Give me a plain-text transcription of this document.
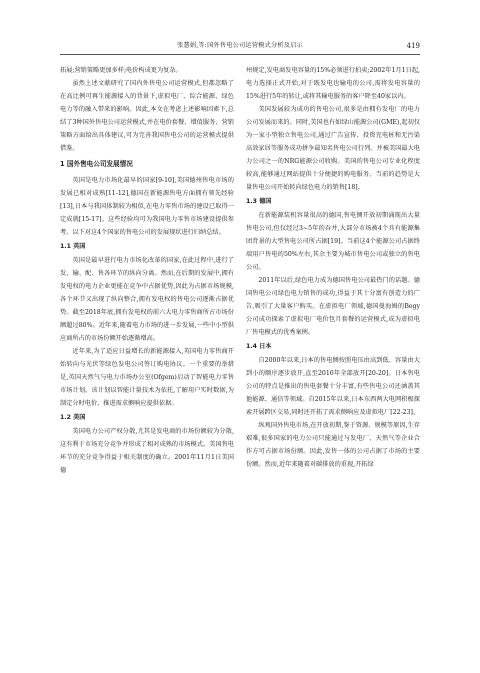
张慧娟,等:国外售电公司运营模式分析及启示	419

拓展;营销策略更加多样;电价构成更为复杂。

虽然上述文献研究了国内外售电公司运营模式,但都忽略了在高比例可再生能源接入的背景下,虚拟电厂、综合能源、绿色电力等的融入带来的影响。因此,本文在考虑上述影响因素下,总结了3种国外售电公司运营模式,并在电价套餐、增值服务、营销策略方面给出具体建议,可为完善我国售电公司的运营模式提供借鉴。

1 国外售电公司发展情况

英国是电力市场化最早的国家[9-10],美国德州售电市场的发展已相对成熟[11-12],德国在新能源售电方面拥有领先经验[13],日本与我国体制较为相似,在电力零售市场的建设已取得一定成就[15-17]。这些经验均可为我国电力零售市场建设提供参考。以下对这4个国家的售电公司的发展现状进行归纳总结。

1.1 英国

英国是最早进行电力市场化改革的国家,在此过程中,进行了发、输、配、售各环节的纵向分离。然而,在后期的发展中,拥有发电权的电力企业更能在竞争中占据优势,因此为占据市场规模,各个环节又出现了纵向整合,拥有发电权的售电公司逐渐占据优势。截至2018年底,拥有发电权的前六大电力零售商所占市场份额超过80%。近年来,随着电力市场的进一步发展,一些中小型供应商所占的市场份额开始逐渐增高。

近年来,为了适应日益增长的新能源接入,英国电力零售商开始转向与光伏等绿色发电公司签订购电协议。一个重要的举措是,英国天然气与电力市场办公室(Ofgem)启动了智能电力零售市场计划。该计划以智能计量技术为依托,了解用户实时数据,为制定分时电价、推进需求侧响应提供依据。

1.2 美国

美国电力公司产权分散,尤其是发电商的市场份额较为分散,这有利于市场充分竞争并形成了相对成熟的市场模式。美国售电环节的充分竞争得益于相关制度的确立。2001年11月1日美国德

州规定,发电商发电容量的15%必须进行拍卖;2002年1月1日起,电力选择正式开始,对于既发电也输电的公司,需将发电容量的15%进行5年的转让,或将其输电服务的客户降至40家以内。

美国发展较为成功的售电公司,很多是由拥有发电厂的电力公司发展而来的。同时,美国也有如绿山能源公司(GME),起初仅为一家小型独立售电公司,通过广告宣传、投资充电桩和无污染高效家居等服务成功拼争最知名售电公司行列。并被美国最大电力公司之一的NRG能源公司收购。美国的售电公司专业化程度较高,能够通过网站提供十分便捷的购电服务。当前的趋势是大量售电公司开始转向绿色电力的销售[18]。

1.3 德国

在新能源装机容量很高的德国,售电侧开放初期涌现出大量售电公司,但仅经过3~5年的吞并,大部分市场被4个具有能源集团背景的大型售电公司所占据[19]。当前这4个能源公司占据终端用户售电的50%左右,其余主要为城市售电公司或独立的售电公司。

2011年以后,绿色电力成为德国售电公司最热门的话题。德国售电公司绿色电力销售的成功,得益于其十分富有创造力的广告,吸引了大量客户购买。在虚拟电厂领域,德国曼海姆的Begy公司成功探索了虚拟电厂电价包月套餐的运营模式,成为虚拟电厂售电模式的优秀案例。

1.4 日本

自2000年以来,日本的售电侧按照电压由高到低、容量由大到小的顺序逐步放开,直至2016年全部放开[20-20]。日本售电公司的特点是推出的售电套餐十分丰富,有些售电公司还涵盖其他能源、通信等领域。自2015年以来,日本东西两大电网积极探索开展跨区交易,同时还开拓了需求侧响应及虚拟电厂[22-23]。

纵观国外售电市场,在开放初期,鉴于资源、规模等原因,生存艰难,很多国家的电力公司只能通过与发电厂、天然气等企业合作方可占据市场份额。因此,发售一体的公司占据了市场的主要份额。然而,近年来随着对碳排放的重视,开拓绿
